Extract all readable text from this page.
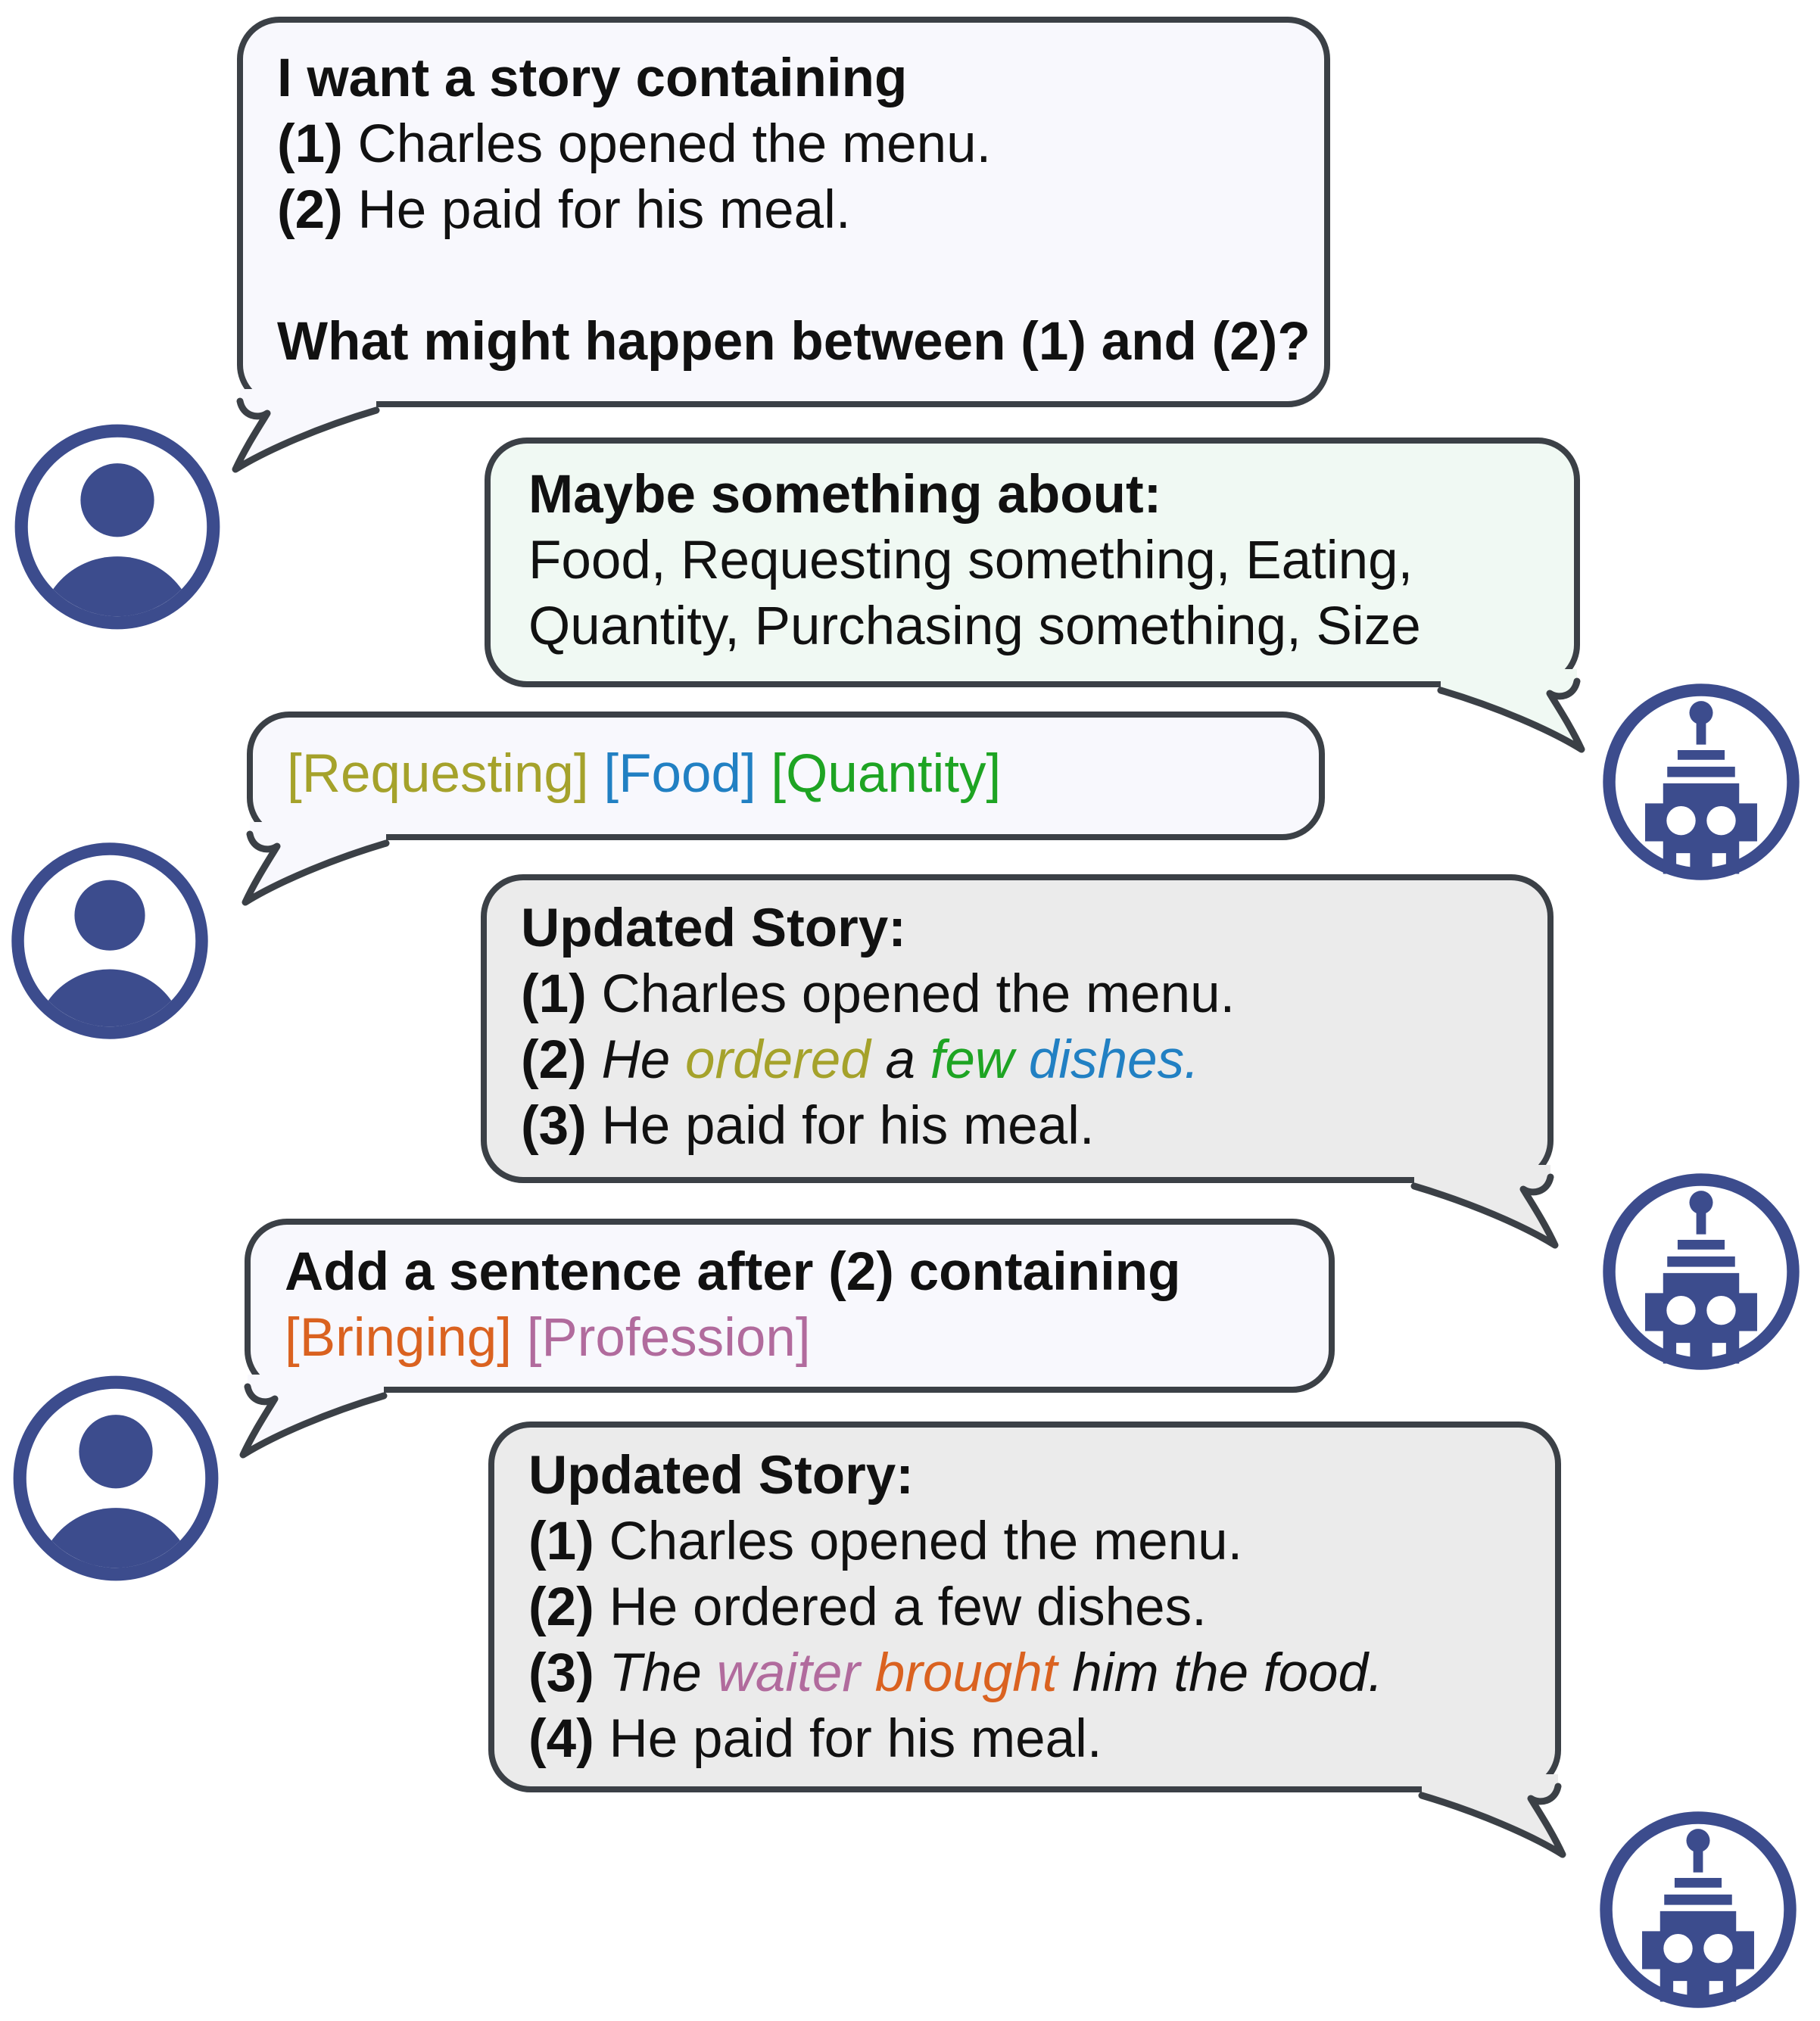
I want a story containing
(1) Charles opened the menu.
(2) He paid for his meal.
What might happen between (1) and (2)?
Maybe something about:
Food, Requesting something, Eating,
Quantity, Purchasing something, Size
[Requesting] [Food] [Quantity]
Updated Story:
(1) Charles opened the menu.
(2) He ordered a few dishes.
(3) He paid for his meal.
Add a sentence after (2) containing
[Bringing] [Profession]
Updated Story:
(1) Charles opened the menu.
(2) He ordered a few dishes.
(3) The waiter brought him the food.
(4) He paid for his meal.
